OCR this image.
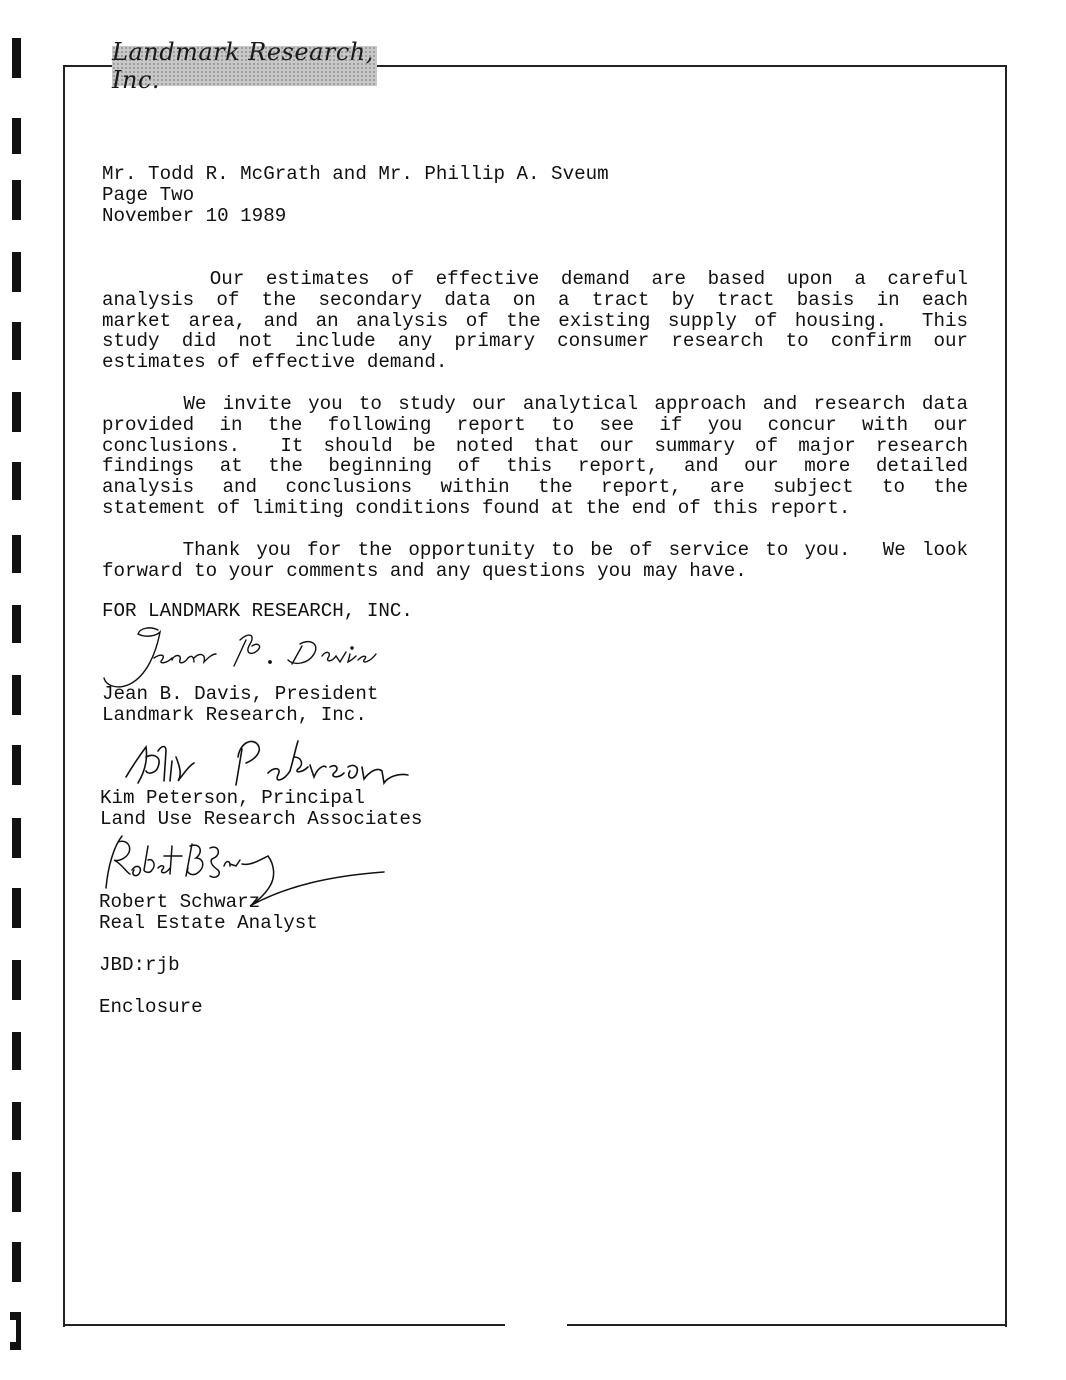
Landmark Research, Inc.
Mr. Todd R. McGrath and Mr. Phillip A. Sveum
Page Two
November 10 1989
Our estimates of effective demand are based upon a careful
analysis of the secondary data on a tract by tract basis in each
market area, and an analysis of the existing supply of housing.  This
study did not include any primary consumer research to confirm our
estimates of effective demand.
We invite you to study our analytical approach and research data
provided in the following report to see if you concur with our
conclusions.  It should be noted that our summary of major research
findings at the beginning of this report, and our more detailed
analysis and conclusions within the report, are subject to the
statement of limiting conditions found at the end of this report.
Thank you for the opportunity to be of service to you.  We look
forward to your comments and any questions you may have.
FOR LANDMARK RESEARCH, INC.
Jean B. Davis, President
Landmark Research, Inc.
Kim Peterson, Principal
Land Use Research Associates
Robert Schwarz
Real Estate Analyst
JBD:rjb
Enclosure
